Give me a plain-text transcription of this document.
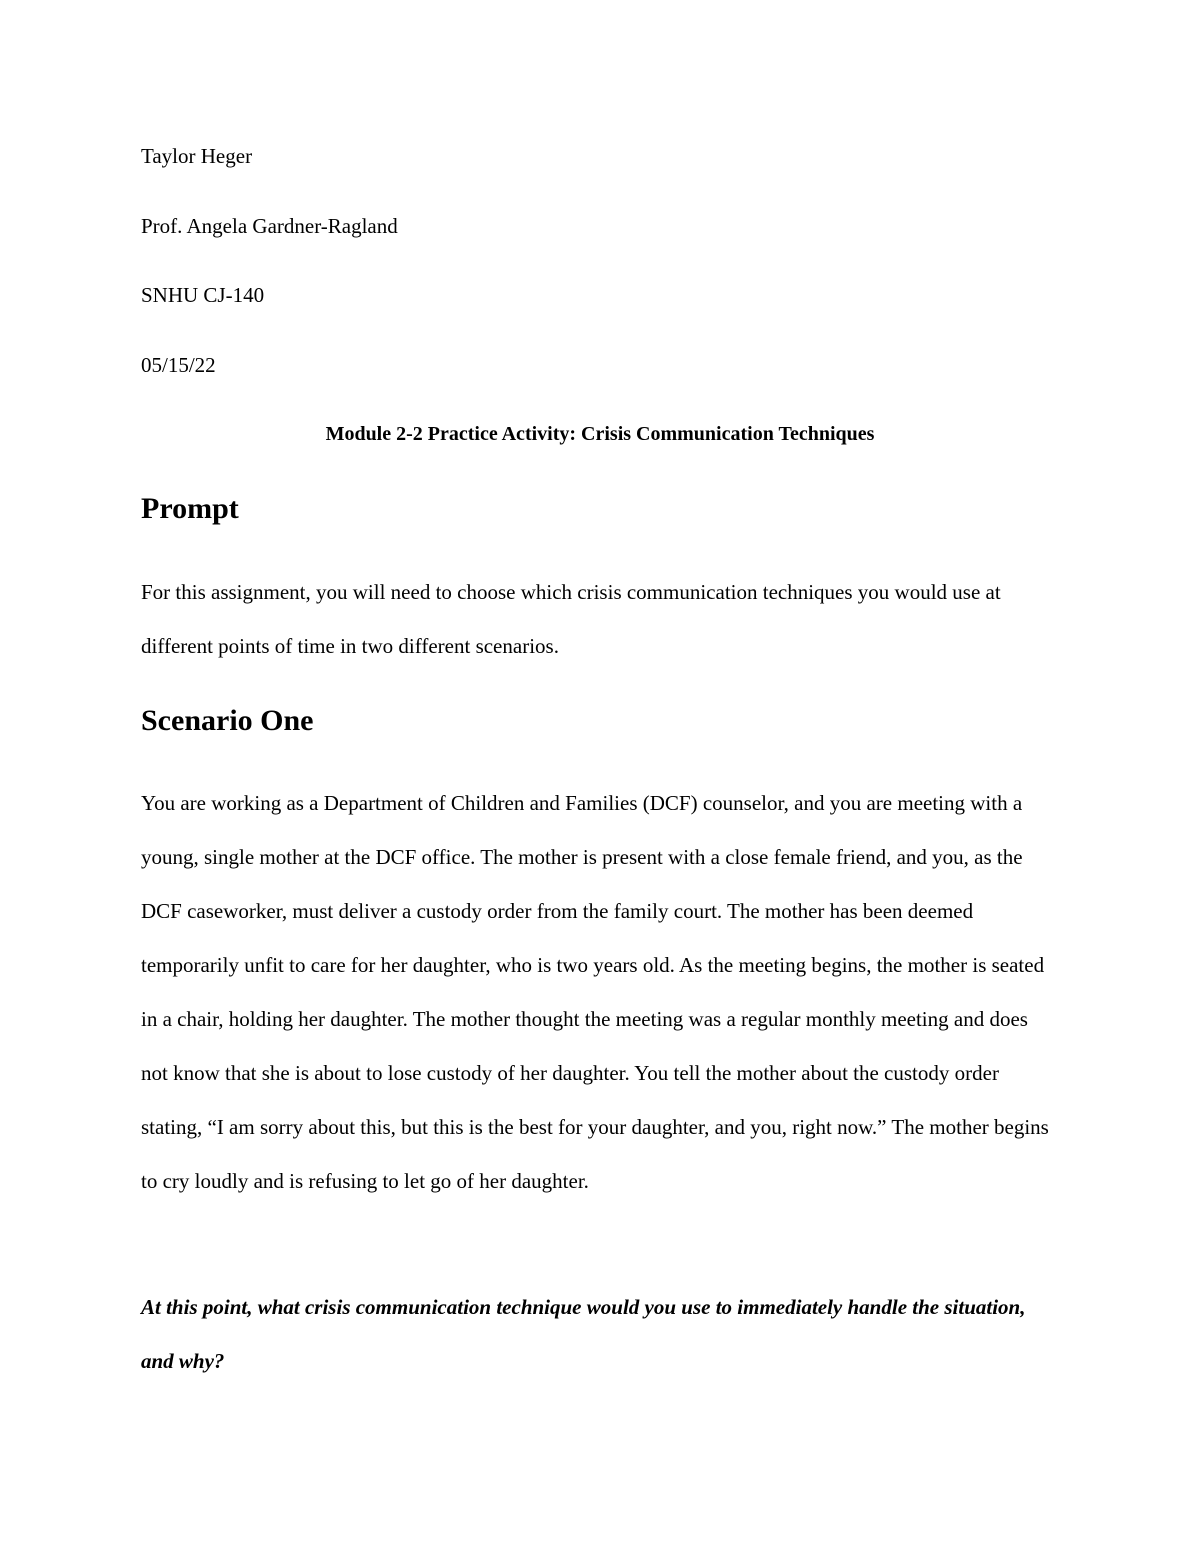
Taylor Heger
Prof. Angela Gardner-Ragland
SNHU CJ-140
05/15/22
Module 2-2 Practice Activity: Crisis Communication Techniques
Prompt

For this assignment, you will need to choose which crisis communication techniques you would use at different points of time in two different scenarios.

Scenario One

You are working as a Department of Children and Families (DCF) counselor, and you are meeting with a young, single mother at the DCF office. The mother is present with a close female friend, and you, as the DCF caseworker, must deliver a custody order from the family court. The mother has been deemed temporarily unfit to care for her daughter, who is two years old. As the meeting begins, the mother is seated in a chair, holding her daughter. The mother thought the meeting was a regular monthly meeting and does not know that she is about to lose custody of her daughter. You tell the mother about the custody order stating, “I am sorry about this, but this is the best for your daughter, and you, right now.” The mother begins to cry loudly and is refusing to let go of her daughter.

At this point, what crisis communication technique would you use to immediately handle the situation, and why?
